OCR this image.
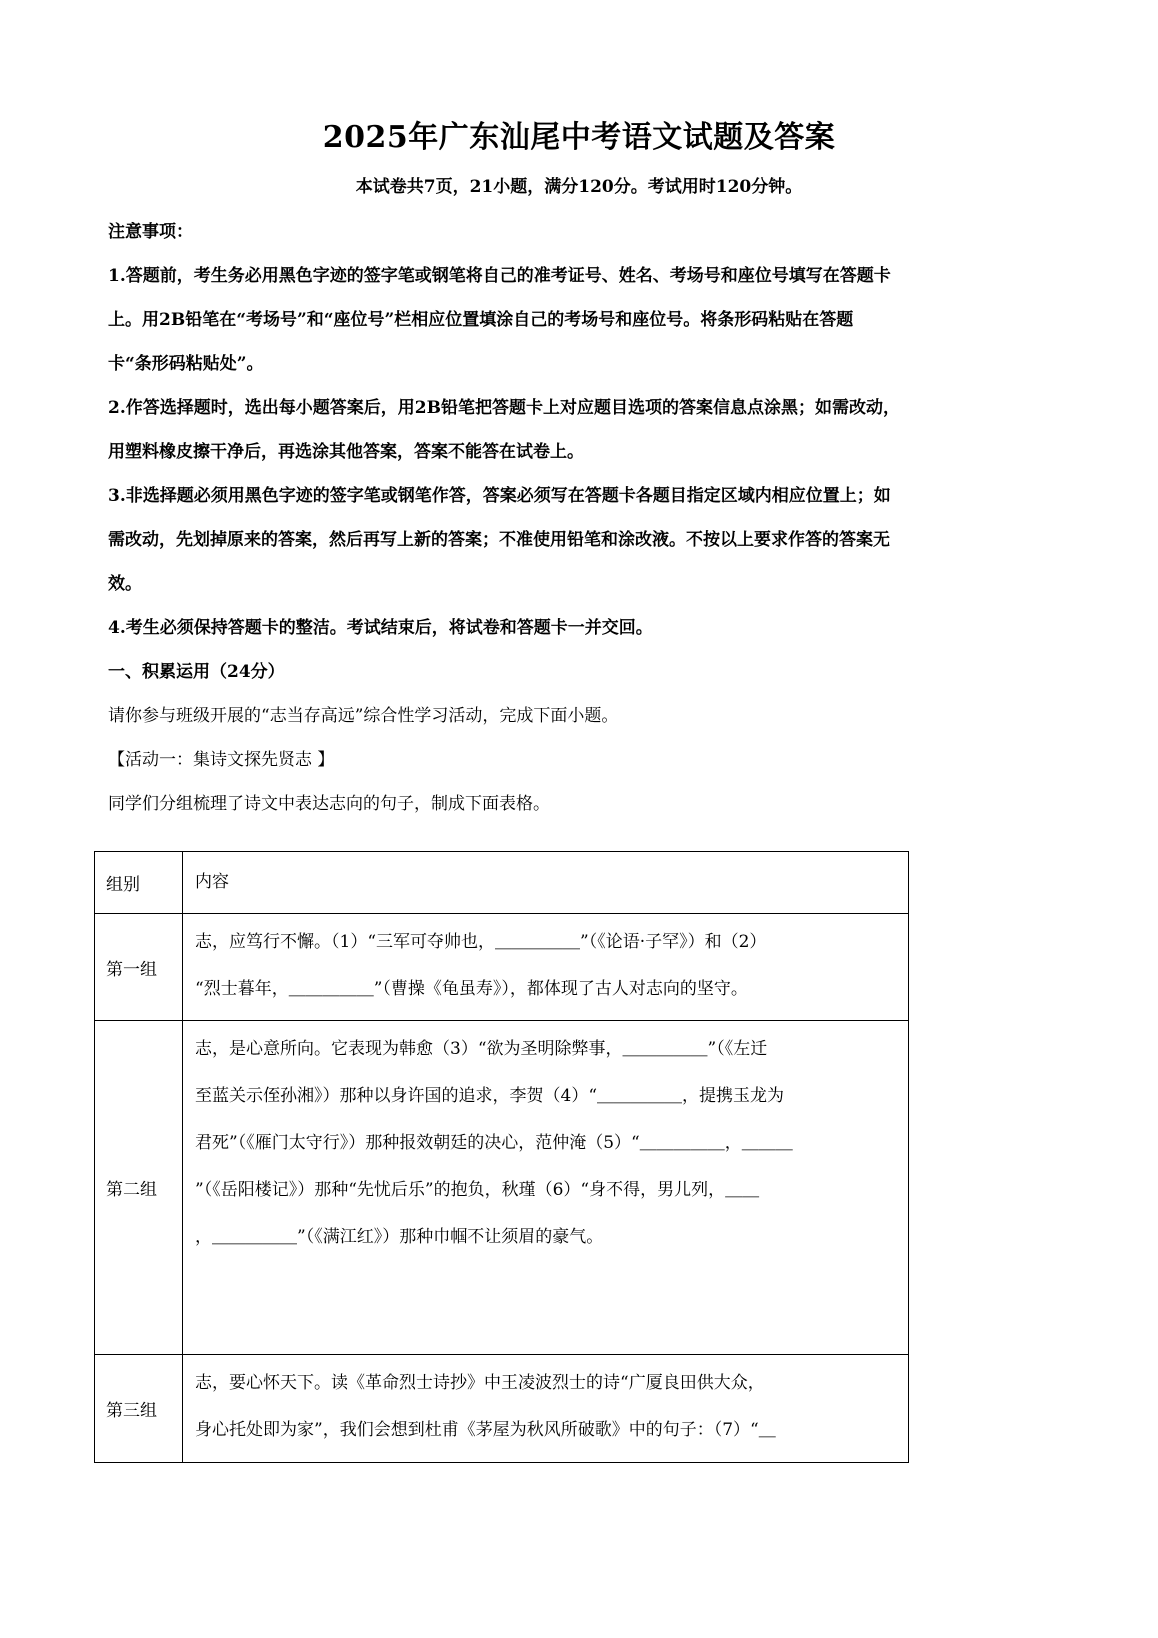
2025年广东汕尾中考语文试题及答案
本试卷共7页，21小题，满分120分。考试用时120分钟。

注意事项：

1.答题前，考生务必用黑色字迹的签字笔或钢笔将自己的准考证号、姓名、考场号和座位号填写在答题卡

上。用2B铅笔在“考场号”和“座位号”栏相应位置填涂自己的考场号和座位号。将条形码粘贴在答题

卡“条形码粘贴处”。

2.作答选择题时，选出每小题答案后，用2B铅笔把答题卡上对应题目选项的答案信息点涂黑；如需改动，

用塑料橡皮擦干净后，再选涂其他答案，答案不能答在试卷上。

3.非选择题必须用黑色字迹的签字笔或钢笔作答，答案必须写在答题卡各题目指定区域内相应位置上；如

需改动，先划掉原来的答案，然后再写上新的答案；不准使用铅笔和涂改液。不按以上要求作答的答案无

效。

4.考生必须保持答题卡的整洁。考试结束后，将试卷和答题卡一并交回。

一、积累运用（24分）

请你参与班级开展的“志当存高远”综合性学习活动，完成下面小题。

【活动一：集诗文探先贤志 】

同学们分组梳理了诗文中表达志向的句子，制成下面表格。

组别	内容
第一组	志，应笃行不懈。（1）“三军可夺帅也，＿＿＿＿＿”（《论语·子罕》）和（2）
“烈士暮年，＿＿＿＿＿”（曹操《龟虽寿》），都体现了古人对志向的坚守。

第二组	志，是心意所向。它表现为韩愈（3）“欲为圣明除弊事，＿＿＿＿＿”（《左迁
至蓝关示侄孙湘》）那种以身许国的追求，李贺（4）“＿＿＿＿＿，提携玉龙为
君死”（《雁门太守行》）那种报效朝廷的决心，范仲淹（5）“＿＿＿＿＿，＿＿＿
”（《岳阳楼记》）那种“先忧后乐”的抱负，秋瑾（6）“身不得，男儿列，＿＿
，＿＿＿＿＿”（《满江红》）那种巾帼不让须眉的豪气。

第三组	志，要心怀天下。读《革命烈士诗抄》中王凌波烈士的诗“广厦良田供大众，
身心托处即为家”，我们会想到杜甫《茅屋为秋风所破歌》中的句子：（7）“＿
